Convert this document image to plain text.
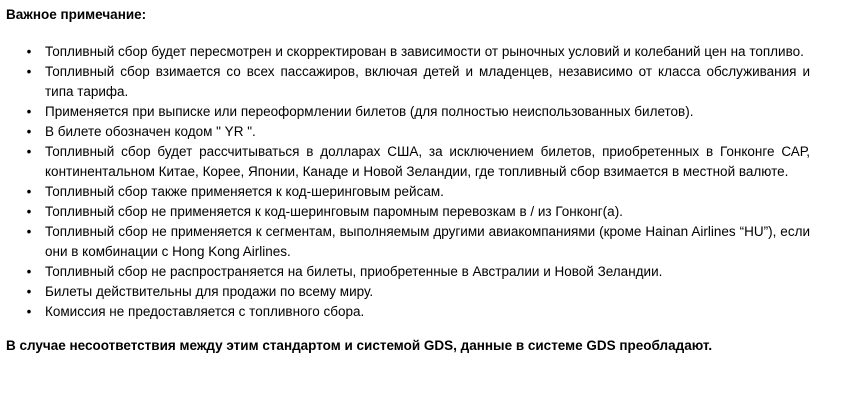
Важное примечание:
• Топливный сбор будет пересмотрен и скорректирован в зависимости от рыночных условий и колебаний цен на топливо.
• Топливный сбор взимается со всех пассажиров, включая детей и младенцев, независимо от класса обслуживания и типа тарифа.
• Применяется при выписке или переоформлении билетов (для полностью неиспользованных билетов).
• В билете обозначен кодом " YR ".
• Топливный сбор будет рассчитываться в долларах США, за исключением билетов, приобретенных в Гонконге САР, континентальном Китае, Корее, Японии, Канаде и Новой Зеландии, где топливный сбор взимается в местной валюте.
• Топливный сбор также применяется к код-шеринговым рейсам.
• Топливный сбор не применяется к код-шеринговым паромным перевозкам в / из Гонконг(а).
• Топливный сбор не применяется к сегментам, выполняемым другими авиакомпаниями (кроме Hainan Airlines “HU”), если они в комбинации с Hong Kong Airlines.
• Топливный сбор не распространяется на билеты, приобретенные в Австралии и Новой Зеландии.
• Билеты действительны для продажи по всему миру.
• Комиссия не предоставляется с топливного сбора.
В случае несоответствия между этим стандартом и системой GDS, данные в системе GDS преобладают.
